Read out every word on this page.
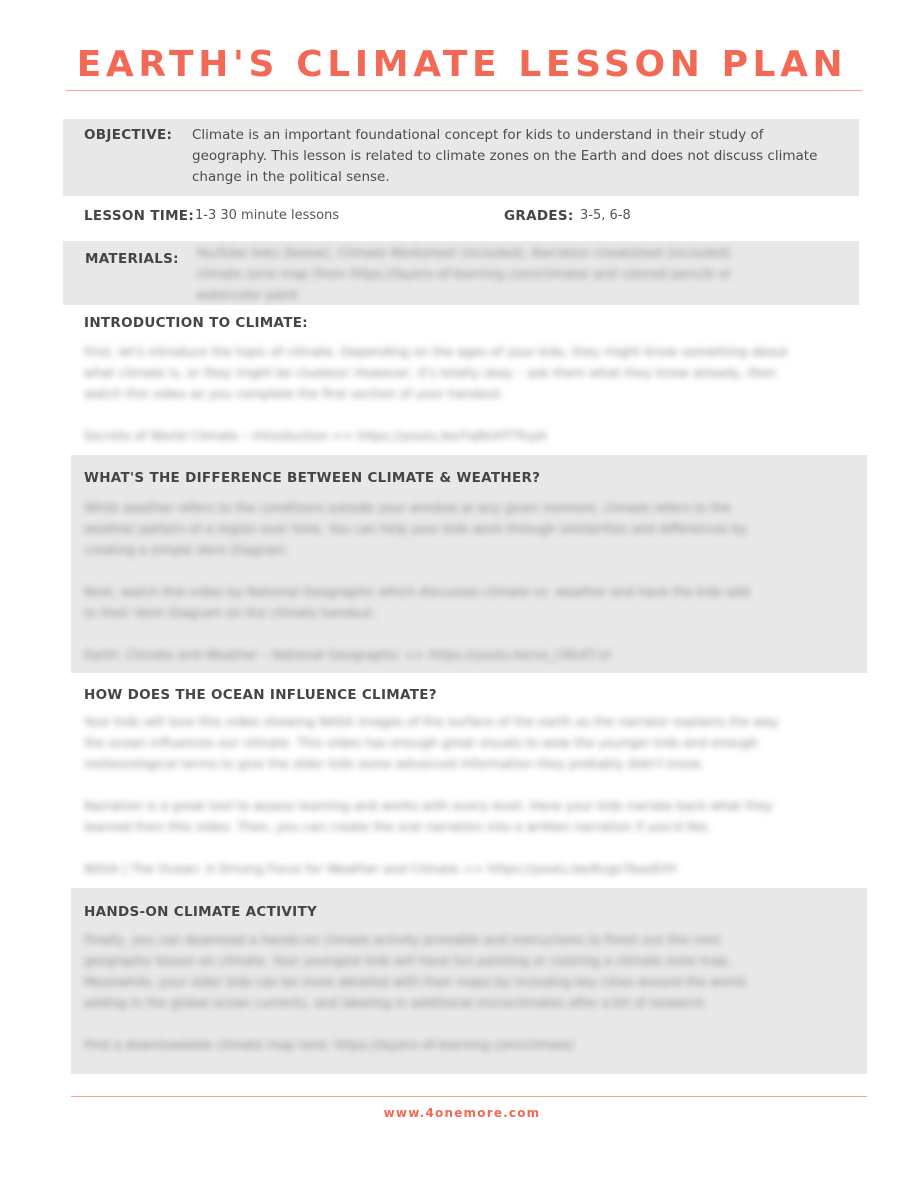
EARTH'S CLIMATE LESSON PLAN
OBJECTIVE: Climate is an important foundational concept for kids to understand in their study of geography. This lesson is related to climate zones on the Earth and does not discuss climate change in the political sense.

LESSON TIME: 1-3 30 minute lessons	GRADES: 3-5, 6-8
MATERIALS: YouTube links (below), Climate Worksheet (included), Narration cheatsheet (included)
climate zone map (from https://layers-of-learning.com/climate/ and colored pencils or
watercolor paint
INTRODUCTION TO CLIMATE:
First, let's introduce the topic of climate. Depending on the ages of your kids, they might know something about
what climate is, or they might be clueless! However, it's totally okay – ask them what they know already, then
watch this video as you complete the first section of your handout.
Secrets of World Climate – Introduction => https://youtu.be/YqNnHTTfcpA
WHAT'S THE DIFFERENCE BETWEEN CLIMATE & WEATHER?
While weather refers to the conditions outside your window at any given moment, climate refers to the
weather pattern of a region over time. You can help your kids work through similarities and differences by
creating a simple Venn Diagram.
Next, watch this video by National Geographic which discusses climate vs. weather and have the kids add
to their Venn Diagram on the climate handout.
Earth: Climate and Weather – National Geographic => https://youtu.be/vo_CRk4T-Ui
HOW DOES THE OCEAN INFLUENCE CLIMATE?
Your kids will love this video showing NASA images of the surface of the earth as the narrator explains the way
the ocean influences our climate. This video has enough great visuals to wow the younger kids and enough
meteorological terms to give the older kids some advanced information they probably didn't know.
Narration is a great tool to assess learning and works with every level. Have your kids narrate back what they
learned from this video. Then, you can create the oral narration into a written narration if you'd like.
NASA | The Ocean: A Driving Force for Weather and Climate => https://youtu.be/6vgs7boxEHY
HANDS-ON CLIMATE ACTIVITY
Finally, you can download a hands-on climate activity printable and instructions to finish out this mini
geography lesson on climate. Your youngest kids will have fun painting or coloring a climate zone map.
Meanwhile, your older kids can be more detailed with their maps by including key cities around the world,
adding in the global ocean currents, and labeling in additional microclimates after a bit of research.
Find a downloadable climate map here: https://layers-of-learning.com/climate/
www.4onemore.com
